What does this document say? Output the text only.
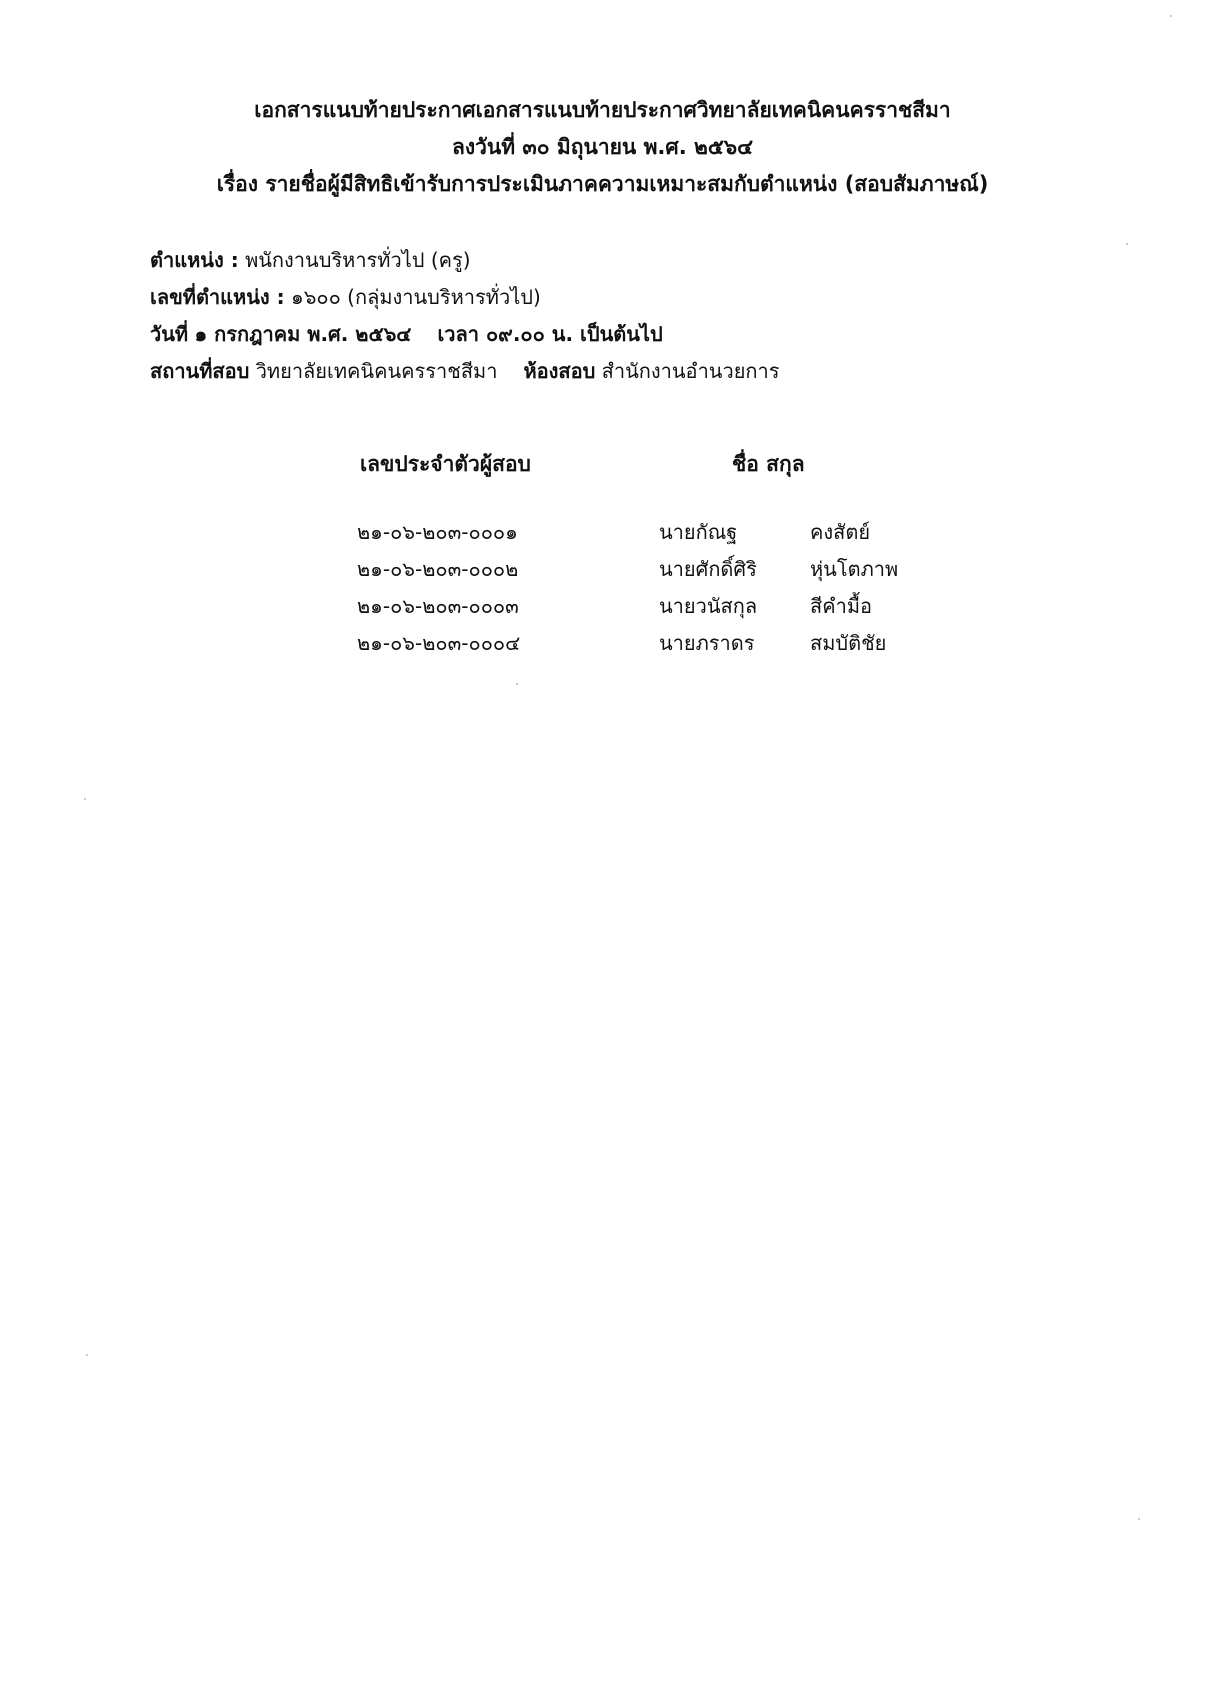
เอกสารแนบท้ายประกาศเอกสารแนบท้ายประกาศวิทยาลัยเทคนิคนครราชสีมา
ลงวันที่ ๓๐ มิถุนายน พ.ศ. ๒๕๖๔
เรื่อง รายชื่อผู้มีสิทธิเข้ารับการประเมินภาคความเหมาะสมกับตำแหน่ง (สอบสัมภาษณ์)
ตำแหน่ง : พนักงานบริหารทั่วไป (ครู)
เลขที่ตำแหน่ง : ๑๖๐๐ (กลุ่มงานบริหารทั่วไป)
วันที่ ๑ กรกฎาคม พ.ศ. ๒๕๖๔ เวลา ๐๙.๐๐ น. เป็นต้นไป
สถานที่สอบ วิทยาลัยเทคนิคนครราชสีมา ห้องสอบ สำนักงานอำนวยการ
เลขประจำตัวผู้สอบ	ชื่อ สกุล
๒๑-๐๖-๒๐๓-๐๐๐๑	นายกัณฐ	คงสัตย์
๒๑-๐๖-๒๐๓-๐๐๐๒	นายศักดิ์ศิริ	หุ่นโตภาพ
๒๑-๐๖-๒๐๓-๐๐๐๓	นายวนัสกุล	สีคำมื้อ
๒๑-๐๖-๒๐๓-๐๐๐๔	นายภราดร	สมบัติชัย
